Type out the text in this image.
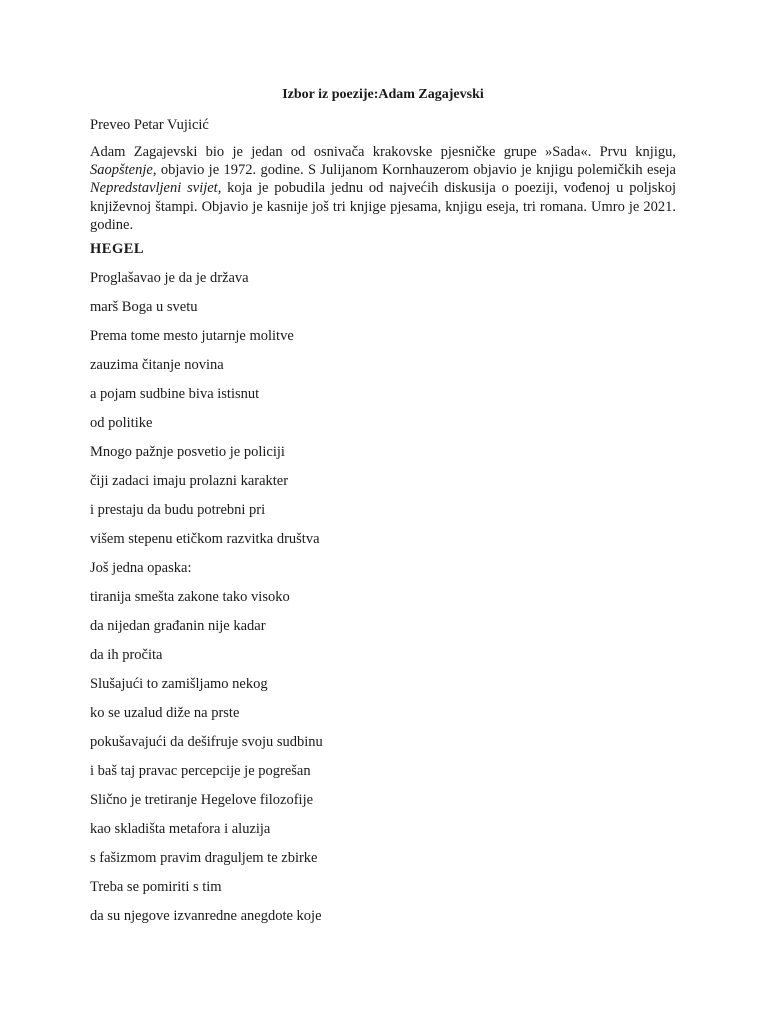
Izbor iz poezije:Adam Zagajevski

Preveo Petar Vujicić

Adam Zagajevski bio je jedan od osnivača krakovske pjesničke grupe »Sada«. Prvu knjigu, Saopštenje, objavio je 1972. godine. S Julijanom Kornhauzerom objavio je knjigu polemičkih eseja Nepredstavljeni svijet, koja je pobudila jednu od najvećih diskusija o poeziji, vođenoj u poljskoj književnoj štampi. Objavio je kasnije još tri knjige pjesama, knjigu eseja, tri romana. Umro je 2021. godine.

HEGEL
Proglašavao je da je država
marš Boga u svetu
Prema tome mesto jutarnje molitve
zauzima čitanje novina
a pojam sudbine biva istisnut
od politike
Mnogo pažnje posvetio je policiji
čiji zadaci imaju prolazni karakter
i prestaju da budu potrebni pri
višem stepenu etičkom razvitka društva
Još jedna opaska:
tiranija smešta zakone tako visoko
da nijedan građanin nije kadar
da ih pročita
Slušajući to zamišljamo nekog
ko se uzalud diže na prste
pokušavajući da dešifruje svoju sudbinu
i baš taj pravac percepcije je pogrešan
Slično je tretiranje Hegelove filozofije
kao skladišta metafora i aluzija
s fašizmom pravim draguljem te zbirke
Treba se pomiriti s tim
da su njegove izvanredne anegdote koje
